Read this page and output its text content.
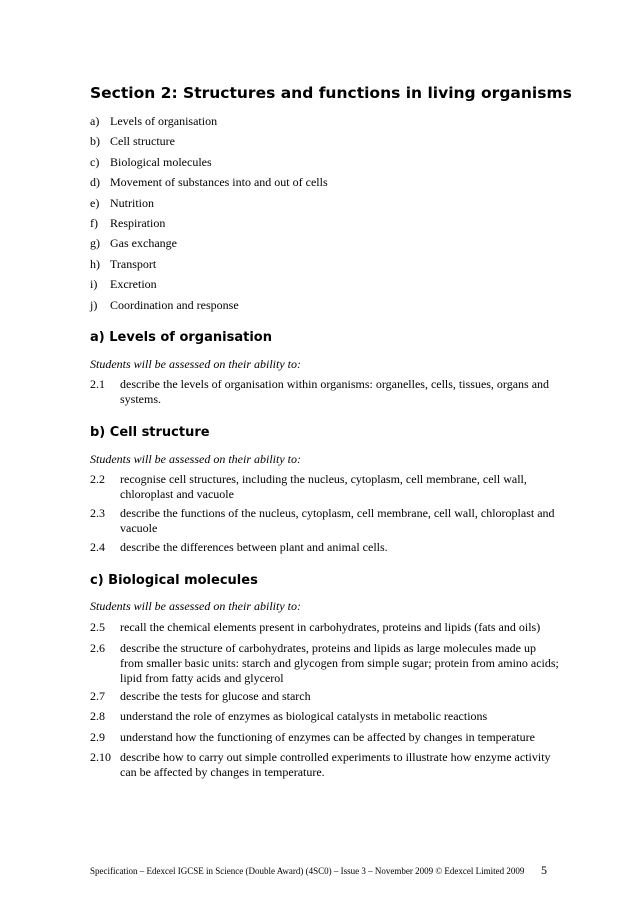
Section 2: Structures and functions in living organisms
a) Levels of organisation
b) Cell structure
c) Biological molecules
d) Movement of substances into and out of cells
e) Nutrition
f) Respiration
g) Gas exchange
h) Transport
i) Excretion
j) Coordination and response
a) Levels of organisation

Students will be assessed on their ability to:

2.1 describe the levels of organisation within organisms: organelles, cells, tissues, organs and systems.
b) Cell structure

Students will be assessed on their ability to:

2.2 recognise cell structures, including the nucleus, cytoplasm, cell membrane, cell wall, chloroplast and vacuole
2.3 describe the functions of the nucleus, cytoplasm, cell membrane, cell wall, chloroplast and vacuole
2.4 describe the differences between plant and animal cells.
c) Biological molecules

Students will be assessed on their ability to:

2.5 recall the chemical elements present in carbohydrates, proteins and lipids (fats and oils)
2.6 describe the structure of carbohydrates, proteins and lipids as large molecules made up from smaller basic units: starch and glycogen from simple sugar; protein from amino acids; lipid from fatty acids and glycerol
2.7 describe the tests for glucose and starch
2.8 understand the role of enzymes as biological catalysts in metabolic reactions
2.9 understand how the functioning of enzymes can be affected by changes in temperature
2.10 describe how to carry out simple controlled experiments to illustrate how enzyme activity can be affected by changes in temperature.
Specification – Edexcel IGCSE in Science (Double Award) (4SC0) – Issue 3 – November 2009 © Edexcel Limited 2009 5
